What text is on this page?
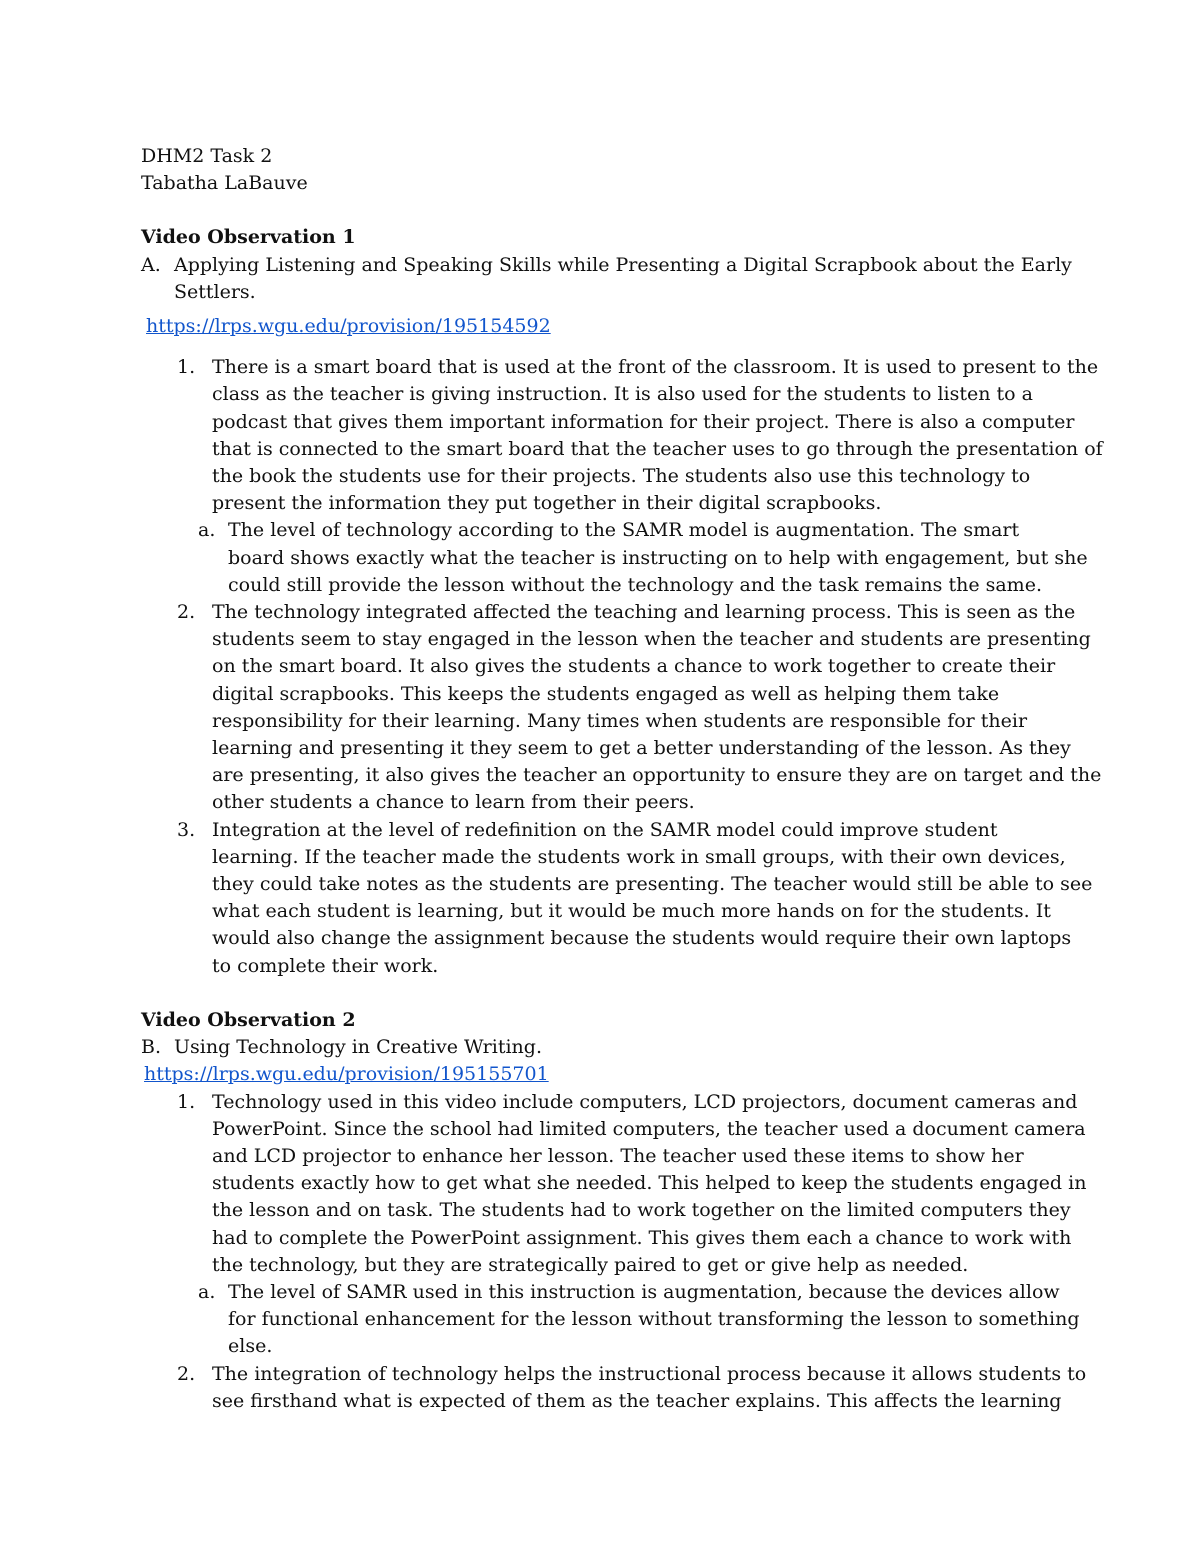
DHM2 Task 2
Tabatha LaBauve
Video Observation 1
A. Applying Listening and Speaking Skills while Presenting a Digital Scrapbook about the Early
Settlers.
https://lrps.wgu.edu/provision/195154592
1. There is a smart board that is used at the front of the classroom. It is used to present to the
class as the teacher is giving instruction. It is also used for the students to listen to a
podcast that gives them important information for their project. There is also a computer
that is connected to the smart board that the teacher uses to go through the presentation of
the book the students use for their projects. The students also use this technology to
present the information they put together in their digital scrapbooks.
a. The level of technology according to the SAMR model is augmentation. The smart
board shows exactly what the teacher is instructing on to help with engagement, but she
could still provide the lesson without the technology and the task remains the same.
2. The technology integrated affected the teaching and learning process. This is seen as the
students seem to stay engaged in the lesson when the teacher and students are presenting
on the smart board. It also gives the students a chance to work together to create their
digital scrapbooks. This keeps the students engaged as well as helping them take
responsibility for their learning. Many times when students are responsible for their
learning and presenting it they seem to get a better understanding of the lesson. As they
are presenting, it also gives the teacher an opportunity to ensure they are on target and the
other students a chance to learn from their peers.
3. Integration at the level of redefinition on the SAMR model could improve student
learning. If the teacher made the students work in small groups, with their own devices,
they could take notes as the students are presenting. The teacher would still be able to see
what each student is learning, but it would be much more hands on for the students. It
would also change the assignment because the students would require their own laptops
to complete their work.
Video Observation 2
B. Using Technology in Creative Writing.
https://lrps.wgu.edu/provision/195155701
1. Technology used in this video include computers, LCD projectors, document cameras and
PowerPoint. Since the school had limited computers, the teacher used a document camera
and LCD projector to enhance her lesson. The teacher used these items to show her
students exactly how to get what she needed. This helped to keep the students engaged in
the lesson and on task. The students had to work together on the limited computers they
had to complete the PowerPoint assignment. This gives them each a chance to work with
the technology, but they are strategically paired to get or give help as needed.
a. The level of SAMR used in this instruction is augmentation, because the devices allow
for functional enhancement for the lesson without transforming the lesson to something
else.
2. The integration of technology helps the instructional process because it allows students to
see firsthand what is expected of them as the teacher explains. This affects the learning
